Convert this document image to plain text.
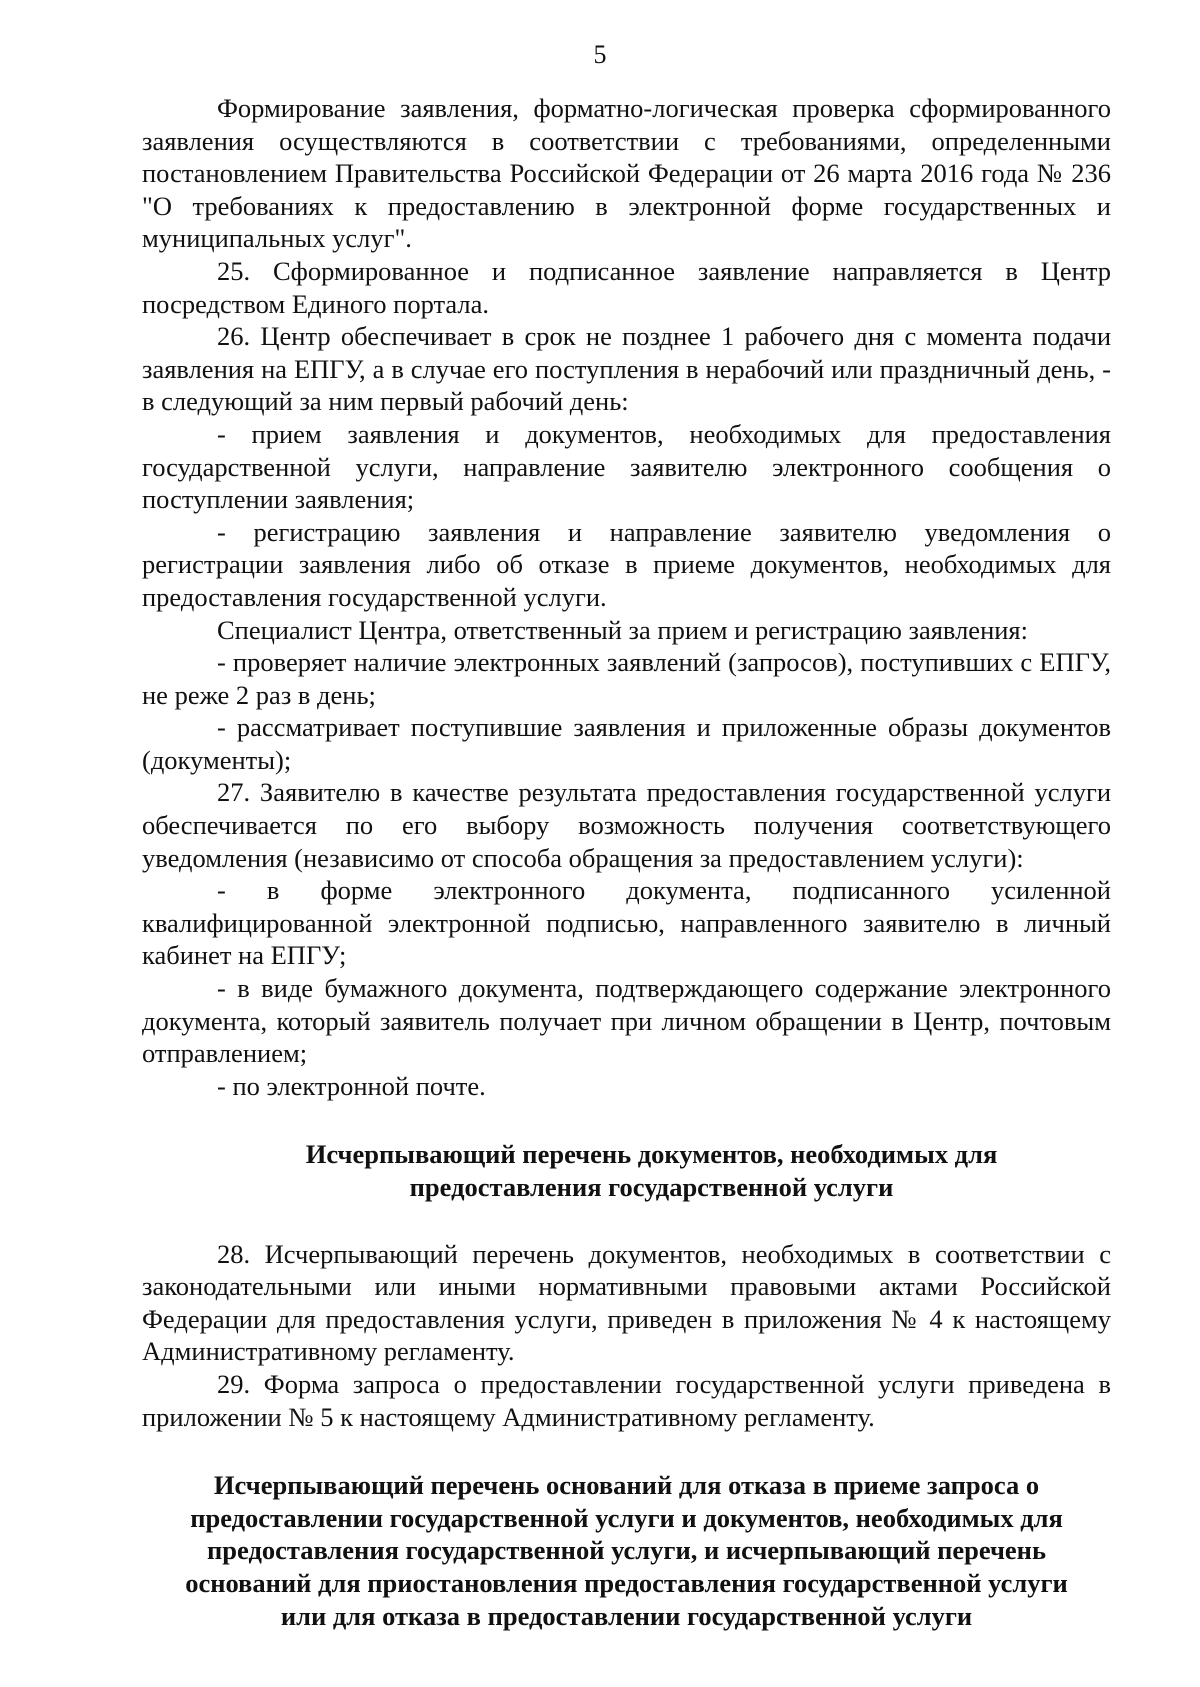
5

Формирование заявления, форматно-логическая проверка сформированного заявления осуществляются в соответствии с требованиями, определенными постановлением Правительства Российской Федерации от 26 марта 2016 года № 236 "О требованиях к предоставлению в электронной форме государственных и муниципальных услуг".

25. Сформированное и подписанное заявление направляется в Центр посредством Единого портала.

26. Центр обеспечивает в срок не позднее 1 рабочего дня с момента подачи заявления на ЕПГУ, а в случае его поступления в нерабочий или праздничный день, - в следующий за ним первый рабочий день:

- прием заявления и документов, необходимых для предоставления государственной услуги, направление заявителю электронного сообщения о поступлении заявления;

- регистрацию заявления и направление заявителю уведомления о регистрации заявления либо об отказе в приеме документов, необходимых для предоставления государственной услуги.

Специалист Центра, ответственный за прием и регистрацию заявления:

- проверяет наличие электронных заявлений (запросов), поступивших с ЕПГУ, не реже 2 раз в день;

- рассматривает поступившие заявления и приложенные образы документов (документы);

27. Заявителю в качестве результата предоставления государственной услуги обеспечивается по его выбору возможность получения соответствующего уведомления (независимо от способа обращения за предоставлением услуги):

- в форме электронного документа, подписанного усиленной квалифицированной электронной подписью, направленного заявителю в личный кабинет на ЕПГУ;

- в виде бумажного документа, подтверждающего содержание электронного документа, который заявитель получает при личном обращении в Центр, почтовым отправлением;

- по электронной почте.

Исчерпывающий перечень документов, необходимых для
предоставления государственной услуги

28. Исчерпывающий перечень документов, необходимых в соответствии с законодательными или иными нормативными правовыми актами Российской Федерации для предоставления услуги, приведен в приложения № 4 к настоящему Административному регламенту.

29. Форма запроса о предоставлении государственной услуги приведена в приложении № 5 к настоящему Административному регламенту.

Исчерпывающий перечень оснований для отказа в приеме запроса о
предоставлении государственной услуги и документов, необходимых для
предоставления государственной услуги, и исчерпывающий перечень
оснований для приостановления предоставления государственной услуги
или для отказа в предоставлении государственной услуги
